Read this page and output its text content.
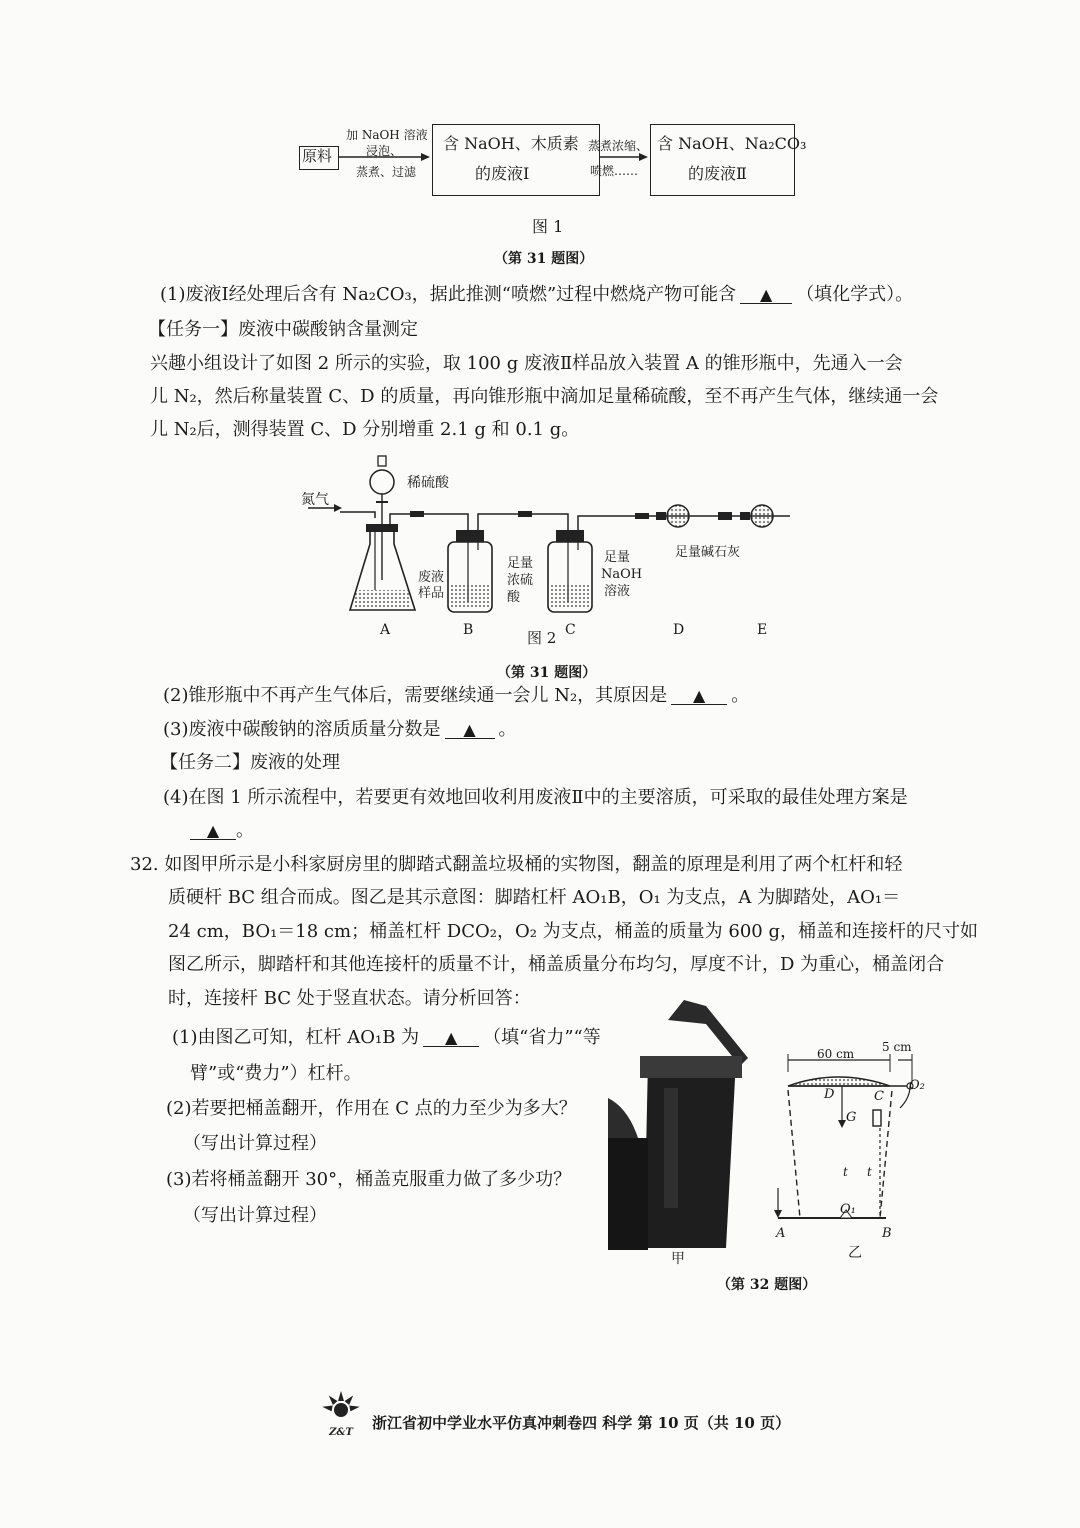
原料
加 NaOH 溶液
浸泡、
蒸煮、过滤
含 NaOH、木质素
的废液Ⅰ
蒸煮浓缩、
喷燃……
含 NaOH、Na₂CO₃
的废液Ⅱ
图 1
（第 31 题图）
(1)废液Ⅰ经处理后含有 Na₂CO₃，据此推测“喷燃”过程中燃烧产物可能含 ▲ （填化学式）。
【任务一】废液中碳酸钠含量测定
兴趣小组设计了如图 2 所示的实验，取 100 g 废液Ⅱ样品放入装置 A 的锥形瓶中，先通入一会
儿 N₂，然后称量装置 C、D 的质量，再向锥形瓶中滴加足量稀硫酸，至不再产生气体，继续通一会
儿 N₂后，测得装置 C、D 分别增重 2.1 g 和 0.1 g。
稀硫酸
氮气
废液
样品
足量
浓硫
酸
足量
NaOH
溶液
足量碱石灰
A	B	C	D	E
图 2
（第 31 题图）
(2)锥形瓶中不再产生气体后，需要继续通一会儿 N₂，其原因是 ▲ 。
(3)废液中碳酸钠的溶质质量分数是 ▲ 。
【任务二】废液的处理
(4)在图 1 所示流程中，若要更有效地回收利用废液Ⅱ中的主要溶质，可采取的最佳处理方案是
▲ 。
32. 如图甲所示是小科家厨房里的脚踏式翻盖垃圾桶的实物图，翻盖的原理是利用了两个杠杆和轻
质硬杆 BC 组合而成。图乙是其示意图：脚踏杠杆 AO₁B，O₁ 为支点，A 为脚踏处，AO₁＝
24 cm，BO₁＝18 cm；桶盖杠杆 DCO₂，O₂ 为支点，桶盖的质量为 600 g，桶盖和连接杆的尺寸如
图乙所示，脚踏杆和其他连接杆的质量不计，桶盖质量分布均匀，厚度不计，D 为重心，桶盖闭合
时，连接杆 BC 处于竖直状态。请分析回答：
(1)由图乙可知，杠杆 AO₁B 为 ▲ （填“省力”“等
臂”或“费力”）杠杆。
(2)若要把桶盖翻开，作用在 C 点的力至少为多大？
（写出计算过程）
(3)若将桶盖翻开 30°，桶盖克服重力做了多少功？
（写出计算过程）
60 cm 5 cm
O₂
D	C
G
t t
O₁
A	B
甲	乙
（第 32 题图）
Z&T
浙江省初中学业水平仿真冲刺卷四 科学 第 10 页（共 10 页）
